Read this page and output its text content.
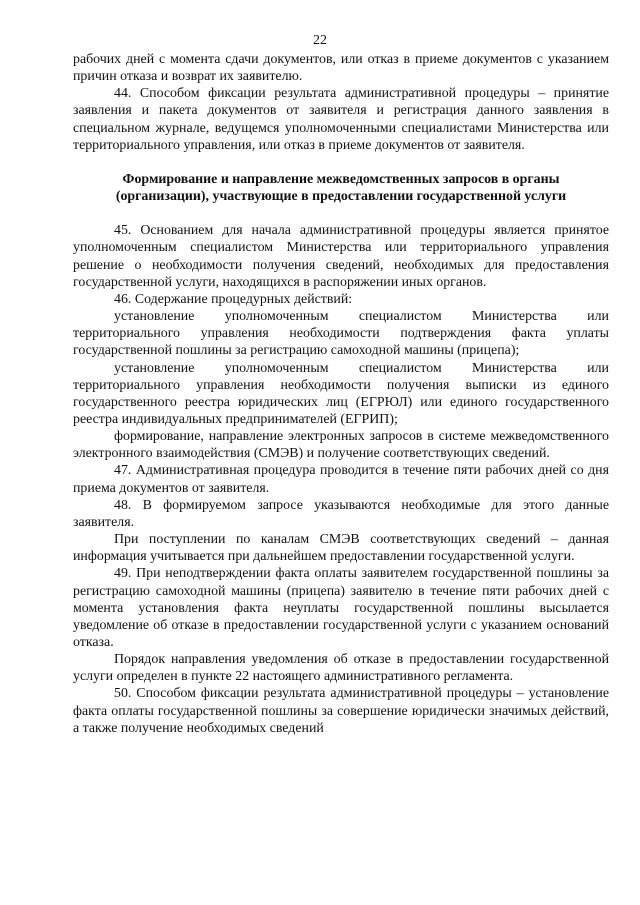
22

рабочих дней с момента сдачи документов, или отказ в приеме документов с указанием причин отказа и возврат их заявителю.

44. Способом фиксации результата административной процедуры – принятие заявления и пакета документов от заявителя и регистрация данного заявления в специальном журнале, ведущемся уполномоченными специалистами Министерства или территориального управления, или отказ в приеме документов от заявителя.

Формирование и направление межведомственных запросов в органы (организации), участвующие в предоставлении государственной услуги

45. Основанием для начала административной процедуры является принятое уполномоченным специалистом Министерства или территориального управления решение о необходимости получения сведений, необходимых для предоставления государственной услуги, находящихся в распоряжении иных органов.

46. Содержание процедурных действий:

установление уполномоченным специалистом Министерства или территориального управления необходимости подтверждения факта уплаты государственной пошлины за регистрацию самоходной машины (прицепа);

установление уполномоченным специалистом Министерства или территориального управления необходимости получения выписки из единого государственного реестра юридических лиц (ЕГРЮЛ) или единого государственного реестра индивидуальных предпринимателей (ЕГРИП);

формирование, направление электронных запросов в системе межведомственного электронного взаимодействия (СМЭВ) и получение соответствующих сведений.

47. Административная процедура проводится в течение пяти рабочих дней со дня приема документов от заявителя.

48. В формируемом запросе указываются необходимые для этого данные заявителя.

При поступлении по каналам СМЭВ соответствующих сведений – данная информация учитывается при дальнейшем предоставлении государственной услуги.

49. При неподтверждении факта оплаты заявителем государственной пошлины за регистрацию самоходной машины (прицепа) заявителю в течение пяти рабочих дней с момента установления факта неуплаты государственной пошлины высылается уведомление об отказе в предоставлении государственной услуги с указанием оснований отказа.

Порядок направления уведомления об отказе в предоставлении государственной услуги определен в пункте 22 настоящего административного регламента.

50. Способом фиксации результата административной процедуры – установление факта оплаты государственной пошлины за совершение юридически значимых действий, а также получение необходимых сведений
